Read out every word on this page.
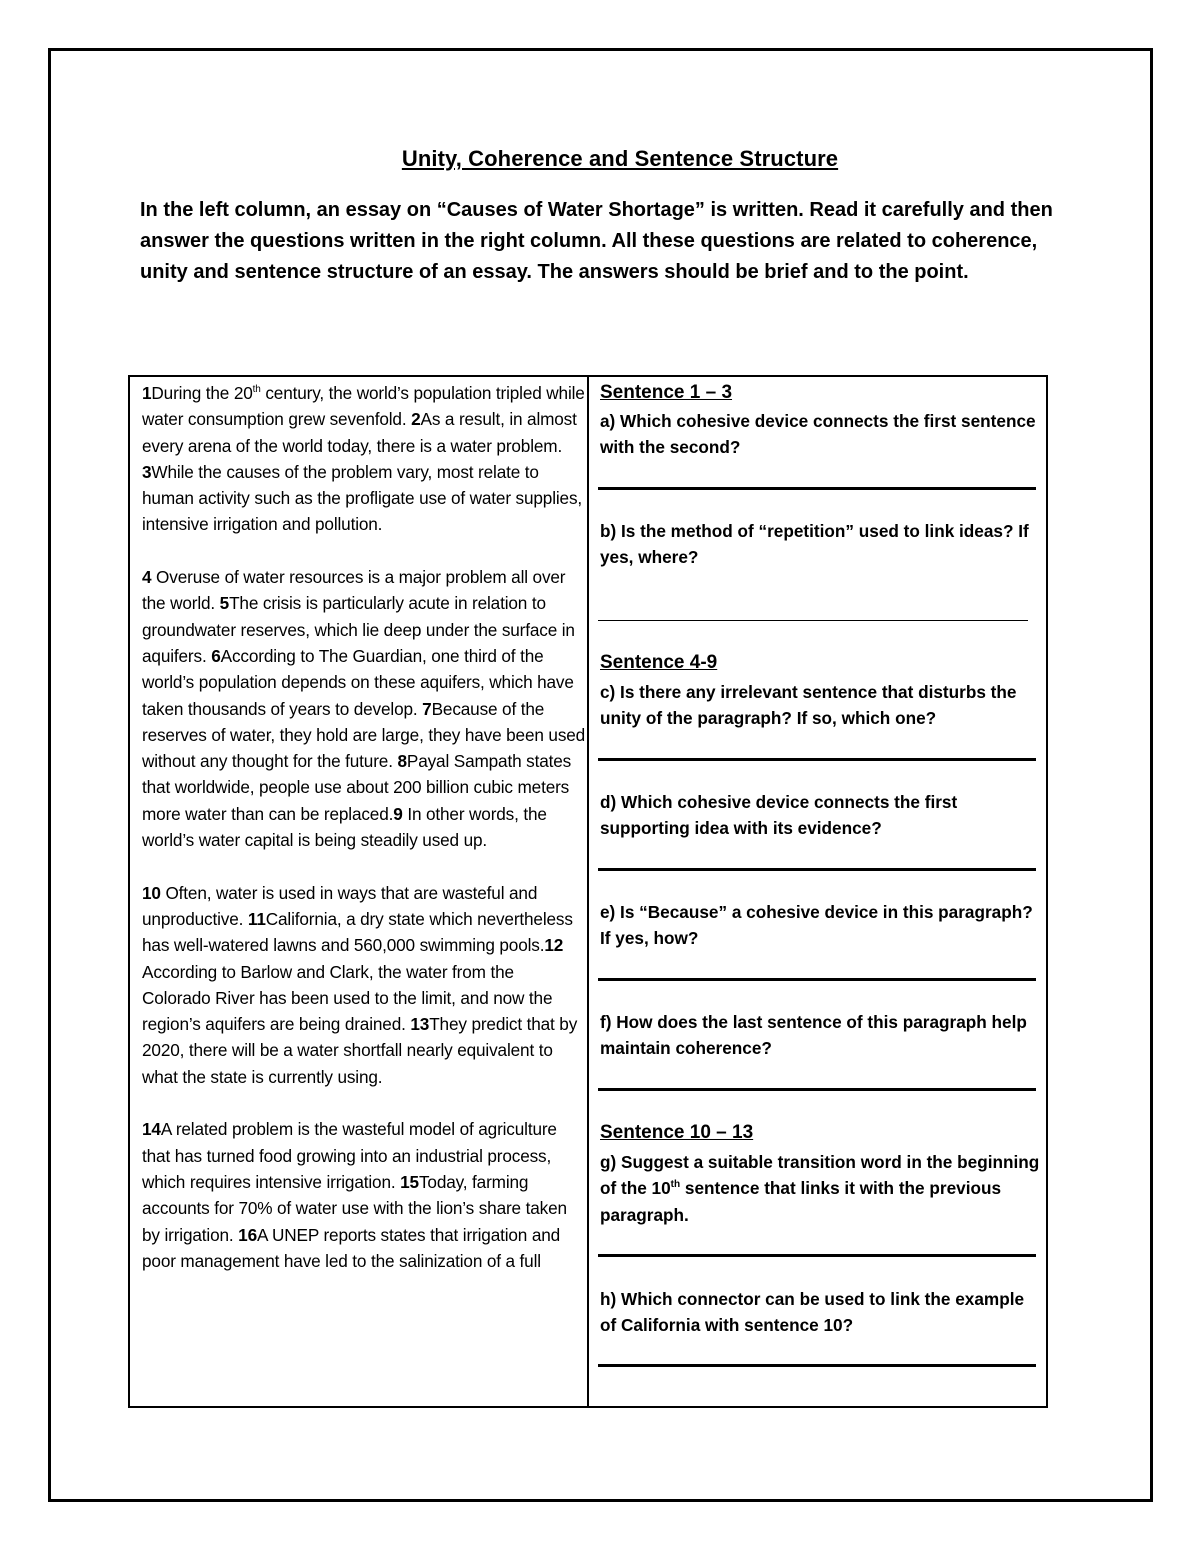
Unity, Coherence and Sentence Structure
In the left column, an essay on “Causes of Water Shortage” is written. Read it carefully and then answer the questions written in the right column. All these questions are related to coherence, unity and sentence structure of an essay. The answers should be brief and to the point.

1During the 20th century, the world’s population tripled while water consumption grew sevenfold. 2As a result, in almost every arena of the world today, there is a water problem. 3While the causes of the problem vary, most relate to human activity such as the profligate use of water supplies, intensive irrigation and pollution.

4 Overuse of water resources is a major problem all over the world. 5The crisis is particularly acute in relation to groundwater reserves, which lie deep under the surface in aquifers. 6According to The Guardian, one third of the world’s population depends on these aquifers, which have taken thousands of years to develop. 7Because of the reserves of water, they hold are large, they have been used without any thought for the future. 8Payal Sampath states that worldwide, people use about 200 billion cubic meters more water than can be replaced.9 In other words, the world’s water capital is being steadily used up.

10 Often, water is used in ways that are wasteful and unproductive. 11California, a dry state which nevertheless has well-watered lawns and 560,000 swimming pools.12 According to Barlow and Clark, the water from the Colorado River has been used to the limit, and now the region’s aquifers are being drained. 13They predict that by 2020, there will be a water shortfall nearly equivalent to what the state is currently using.

14A related problem is the wasteful model of agriculture that has turned food growing into an industrial process, which requires intensive irrigation. 15Today, farming accounts for 70% of water use with the lion’s share taken by irrigation. 16A UNEP reports states that irrigation and poor management have led to the salinization of a full

Sentence 1 – 3
a) Which cohesive device connects the first sentence with the second?
b) Is the method of “repetition” used to link ideas? If yes, where?
Sentence 4-9
c) Is there any irrelevant sentence that disturbs the unity of the paragraph? If so, which one?
d) Which cohesive device connects the first supporting idea with its evidence?
e) Is “Because” a cohesive device in this paragraph? If yes, how?
f) How does the last sentence of this paragraph help maintain coherence?
Sentence 10 – 13
g) Suggest a suitable transition word in the beginning of the 10th sentence that links it with the previous paragraph.
h) Which connector can be used to link the example of California with sentence 10?
